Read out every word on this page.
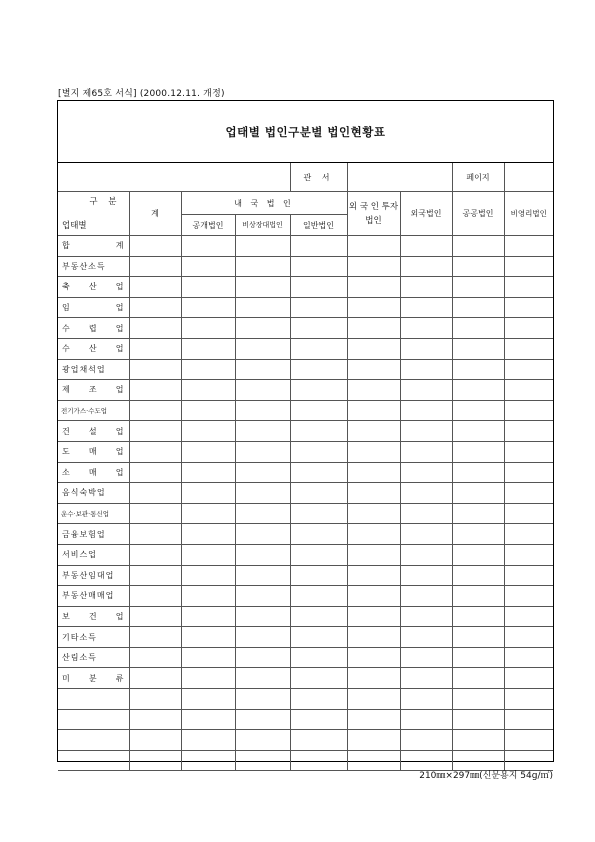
[별지 제65호 서식] (2000.12.11. 개정)
업태별 법인구분별 법인현황표
				관 서			페이지	

구 분
업태별	계	내 국 법 인			외 국 인 투자법인	외국법인	공공법인	비영리법인
		공개법인	비상장대법인	일반법인				
합 계								
부동산소득								
축 산 업								
임 업								
수 렵 업								
수 산 업								
광업채석업								
제 조 업								
전기가스·수도업								
건 설 업								
도 매 업								
소 매 업								
음식숙박업								
운수·보관·통신업								
금융보험업								
서비스업								
부동산임대업								
부동산매매업								
보 건 업								
기타소득								
산림소득								
미 분 류								

210㎜×297㎜(신문용지 54g/㎡)
